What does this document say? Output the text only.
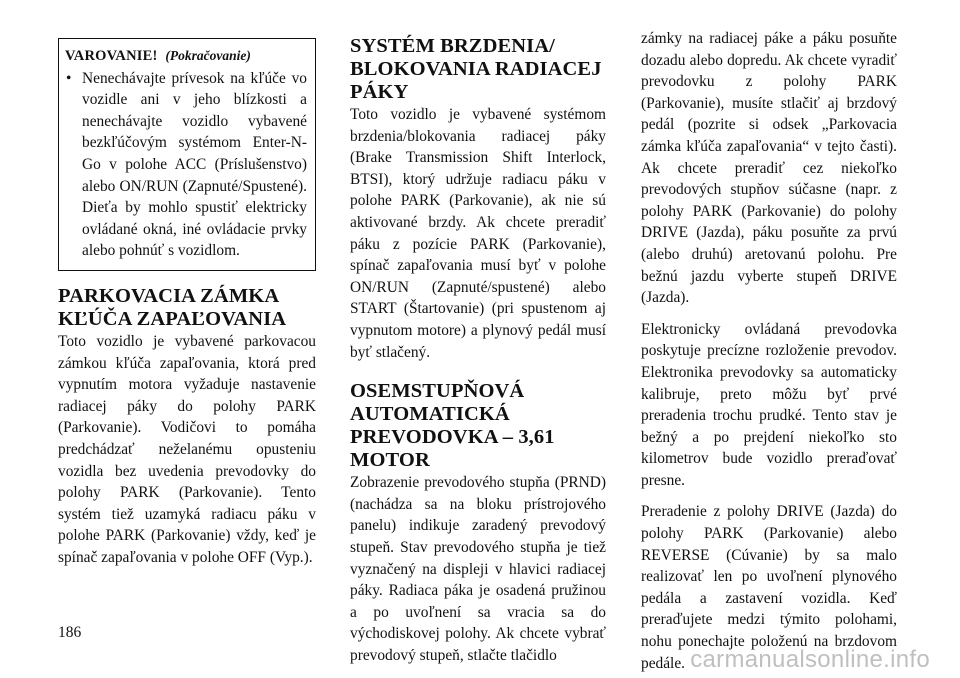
VAROVANIE! (Pokračovanie)
• Nenechávajte prívesok na kľúče vo vozidle ani v jeho blízkosti a nenechávajte vozidlo vybavené bezkľúčovým systémom Enter-N-Go v polohe ACC (Príslušenstvo) alebo ON/RUN (Zapnuté/Spustené). Dieťa by mohlo spustiť elektricky ovládané okná, iné ovládacie prvky alebo pohnúť s vozidlom.
PARKOVACIA ZÁMKA KĽÚČA ZAPAĽOVANIA

Toto vozidlo je vybavené parkovacou zámkou kľúča zapaľovania, ktorá pred vypnutím motora vyžaduje nastavenie radiacej páky do polohy PARK (Parkovanie). Vodičovi to pomáha predchádzať neželanému opusteniu vozidla bez uvedenia prevodovky do polohy PARK (Parkovanie). Tento systém tiež uzamyká radiacu páku v polohe PARK (Parkovanie) vždy, keď je spínač zapaľovania v polohe OFF (Vyp.).

SYSTÉM BRZDENIA/ BLOKOVANIA RADIACEJ PÁKY

Toto vozidlo je vybavené systémom brzdenia/blokovania radiacej páky (Brake Transmission Shift Interlock, BTSI), ktorý udržuje radiacu páku v polohe PARK (Parkovanie), ak nie sú aktivované brzdy. Ak chcete preradiť páku z pozície PARK (Parkovanie), spínač zapaľovania musí byť v polohe ON/RUN (Zapnuté/spustené) alebo START (Štartovanie) (pri spustenom aj vypnutom motore) a plynový pedál musí byť stlačený.

OSEMSTUPŇOVÁ AUTOMATICKÁ PREVODOVKA – 3,61 MOTOR

Zobrazenie prevodového stupňa (PRND) (nachádza sa na bloku prístrojového panelu) indikuje zaradený prevodový stupeň. Stav prevodového stupňa je tiež vyznačený na displeji v hlavici radiacej páky. Radiaca páka je osadená pružinou a po uvoľnení sa vracia sa do východiskovej polohy. Ak chcete vybrať prevodový stupeň, stlačte tlačidlo

zámky na radiacej páke a páku posuňte dozadu alebo dopredu. Ak chcete vyradiť prevodovku z polohy PARK (Parkovanie), musíte stlačiť aj brzdový pedál (pozrite si odsek „Parkovacia zámka kľúča zapaľovania“ v tejto časti). Ak chcete preradiť cez niekoľko prevodových stupňov súčasne (napr. z polohy PARK (Parkovanie) do polohy DRIVE (Jazda), páku posuňte za prvú (alebo druhú) aretovanú polohu. Pre bežnú jazdu vyberte stupeň DRIVE (Jazda).

Elektronicky ovládaná prevodovka poskytuje precízne rozloženie prevodov. Elektronika prevodovky sa automaticky kalibruje, preto môžu byť prvé preradenia trochu prudké. Tento stav je bežný a po prejdení niekoľko sto kilometrov bude vozidlo preraďovať presne.

Preradenie z polohy DRIVE (Jazda) do polohy PARK (Parkovanie) alebo REVERSE (Cúvanie) by sa malo realizovať len po uvoľnení plynového pedála a zastavení vozidla. Keď preraďujete medzi týmito polohami, nohu ponechajte položenú na brzdovom pedále.

186
carmanualsonline.info
